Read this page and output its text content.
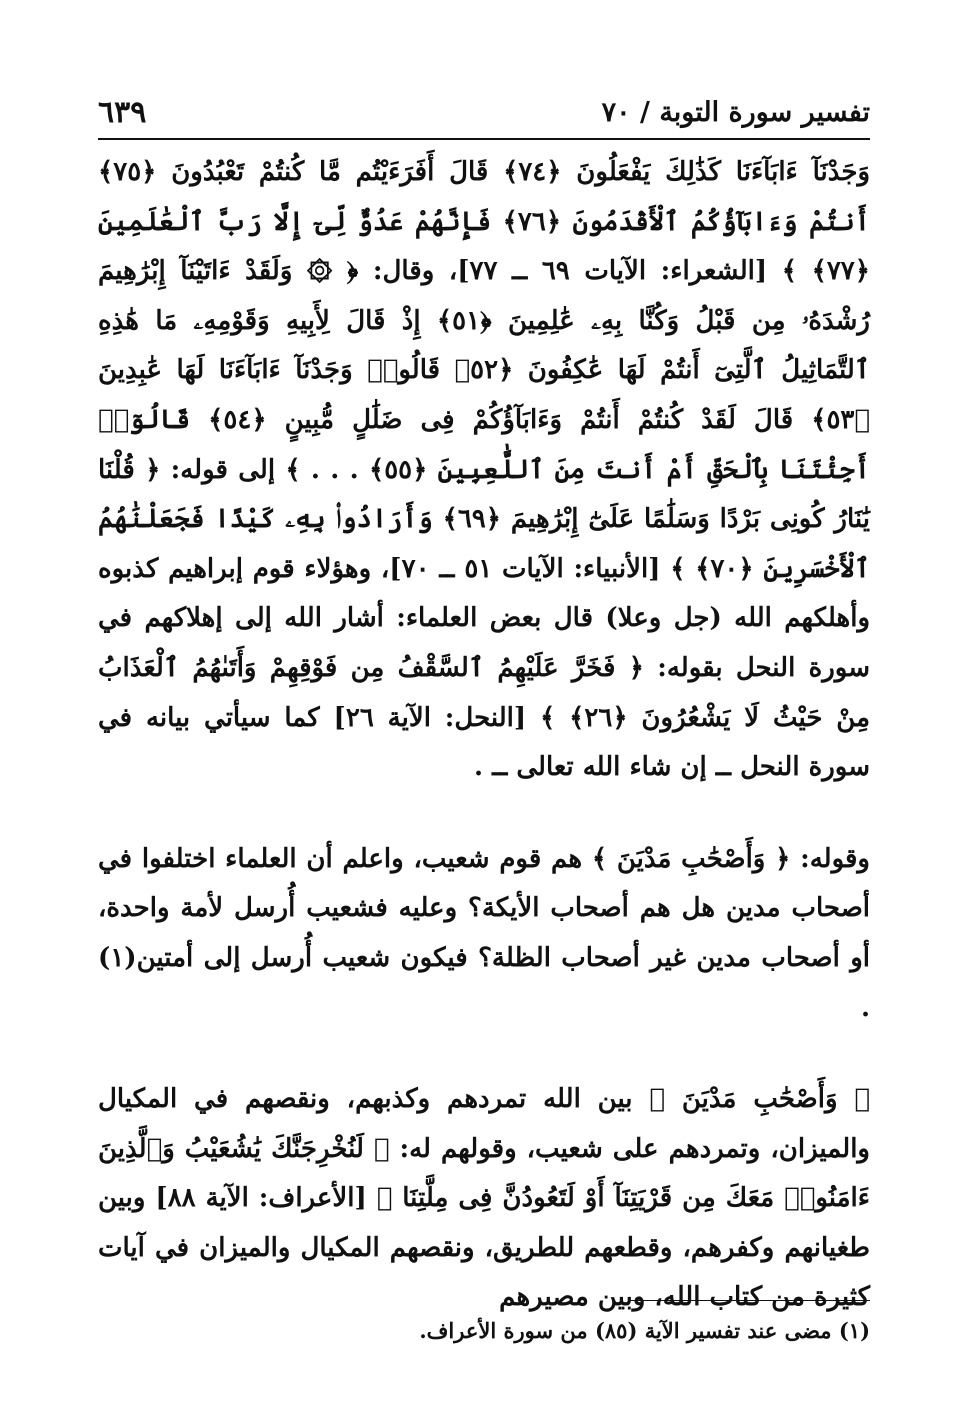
تفسير سورة التوبة / ٧٠
٦٣٩

وَجَدْنَآ ءَابَآءَنَا كَذَٰلِكَ يَفْعَلُونَ ﴿٧٤﴾ قَالَ أَفَرَءَيْتُم مَّا كُنتُمْ تَعْبُدُونَ ﴿٧٥﴾ أَنتُمْ وَءَابَآؤُكُمُ ٱلْأَقْدَمُونَ ﴿٧٦﴾ فَإِنَّهُمْ عَدُوٌّ لِّىٓ إِلَّا رَبَّ ٱلْعَٰلَمِينَ ﴿٧٧﴾ ﴾ [الشعراء: الآيات ٦٩ ــ ٧٧]، وقال: ﴿ ۞ وَلَقَدْ ءَاتَيْنَآ إِبْرَٰهِيمَ رُشْدَهُۥ مِن قَبْلُ وَكُنَّا بِهِۦ عَٰلِمِينَ ﴿٥١﴾ إِذْ قَالَ لِأَبِيهِ وَقَوْمِهِۦ مَا هَٰذِهِ ٱلتَّمَاثِيلُ ٱلَّتِىٓ أَنتُمْ لَهَا عَٰكِفُونَ ﴿٥٢﴾ قَالُوا۟ وَجَدْنَآ ءَابَآءَنَا لَهَا عَٰبِدِينَ ﴿٥٣﴾ قَالَ لَقَدْ كُنتُمْ أَنتُمْ وَءَابَآؤُكُمْ فِى ضَلَٰلٍ مُّبِينٍ ﴿٥٤﴾ قَالُوٓا۟ أَجِئْتَنَا بِٱلْحَقِّ أَمْ أَنتَ مِنَ ٱللَّٰعِبِينَ ﴿٥٥﴾ . . . ﴾ إلى قوله: ﴿ قُلْنَا يَٰنَارُ كُونِى بَرْدًا وَسَلَٰمًا عَلَىٰٓ إِبْرَٰهِيمَ ﴿٦٩﴾ وَأَرَادُوا۟ بِهِۦ كَيْدًا فَجَعَلْنَٰهُمُ ٱلْأَخْسَرِينَ ﴿٧٠﴾ ﴾ [الأنبياء: الآيات ٥١ ــ ٧٠]، وهؤلاء قوم إبراهيم كذبوه وأهلكهم الله (جل وعلا) قال بعض العلماء: أشار الله إلى إهلاكهم في سورة النحل بقوله: ﴿ فَخَرَّ عَلَيْهِمُ ٱلسَّقْفُ مِن فَوْقِهِمْ وَأَتَىٰهُمُ ٱلْعَذَابُ مِنْ حَيْثُ لَا يَشْعُرُونَ ﴿٢٦﴾ ﴾ [النحل: الآية ٢٦] كما سيأتي بيانه في سورة النحل ــ إن شاء الله تعالى ــ .

وقوله: ﴿ وَأَصْحَٰبِ مَدْيَنَ ﴾ هم قوم شعيب، واعلم أن العلماء اختلفوا في أصحاب مدين هل هم أصحاب الأيكة؟ وعليه فشعيب أُرسل لأمة واحدة، أو أصحاب مدين غير أصحاب الظلة؟ فيكون شعيب أُرسل إلى أمتين(١) .

﴿ وَأَصْحَٰبِ مَدْيَنَ ﴾ بين الله تمردهم وكذبهم، ونقصهم في المكيال والميزان، وتمردهم على شعيب، وقولهم له: ﴿ لَنُخْرِجَنَّكَ يَٰشُعَيْبُ وَٱلَّذِينَ ءَامَنُوا۟ مَعَكَ مِن قَرْيَتِنَآ أَوْ لَتَعُودُنَّ فِى مِلَّتِنَا ﴾ [الأعراف: الآية ٨٨] وبين طغيانهم وكفرهم، وقطعهم للطريق، ونقصهم المكيال والميزان في آيات كثيرة من كتاب الله، وبين مصيرهم

(١) مضى عند تفسير الآية (٨٥) من سورة الأعراف.
